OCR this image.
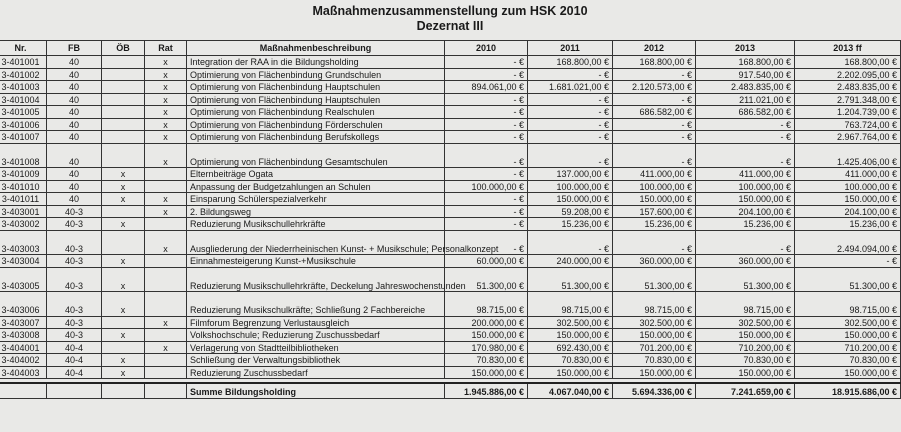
Maßnahmenzusammenstellung zum HSK 2010
Dezernat III
Nr.	FB	ÖB	Rat	Maßnahmenbeschreibung	2010	2011	2012	2013	2013 ff
3-401001	40		x	Integration der RAA in die Bildungsholding	- €	168.800,00 €	168.800,00 €	168.800,00 €	168.800,00 €
3-401002	40		x	Optimierung von Flächenbindung Grundschulen	- €	- €	- €	917.540,00 €	2.202.095,00 €
3-401003	40		x	Optimierung von Flächenbindung Hauptschulen	894.061,00 €	1.681.021,00 €	2.120.573,00 €	2.483.835,00 €	2.483.835,00 €
3-401004	40		x	Optimierung von Flächenbindung Hauptschulen	- €	- €	- €	211.021,00 €	2.791.348,00 €
3-401005	40		x	Optimierung von Flächenbindung Realschulen	- €	- €	686.582,00 €	686.582,00 €	1.204.739,00 €
3-401006	40		x	Optimierung von Flächenbindung Förderschulen	- €	- €	- €	- €	763.724,00 €
3-401007	40		x	Optimierung von Flächenbindung Berufskollegs	- €	- €	- €	- €	2.967.764,00 €
3-401008	40		x	Optimierung von Flächenbindung Gesamtschulen	- €	- €	- €	- €	1.425.406,00 €
3-401009	40	x		Elternbeiträge Ogata	- €	137.000,00 €	411.000,00 €	411.000,00 €	411.000,00 €
3-401010	40	x		Anpassung der Budgetzahlungen an Schulen	100.000,00 €	100.000,00 €	100.000,00 €	100.000,00 €	100.000,00 €
3-401011	40	x	x	Einsparung Schülerspezialverkehr	- €	150.000,00 €	150.000,00 €	150.000,00 €	150.000,00 €
3-403001	40-3		x	2. Bildungsweg	- €	59.208,00 €	157.600,00 €	204.100,00 €	204.100,00 €
3-403002	40-3	x		Reduzierung Musikschullehrkräfte	- €	15.236,00 €	15.236,00 €	15.236,00 €	15.236,00 €
3-403003	40-3		x	Ausgliederung der Niederrheinischen Kunst- + Musikschule; Personalkonzept	- €	- €	- €	- €	2.494.094,00 €
3-403004	40-3	x		Einnahmesteigerung Kunst-+Musikschule	60.000,00 €	240.000,00 €	360.000,00 €	360.000,00 €	- €
3-403005	40-3	x		Reduzierung Musikschullehrkräfte, Deckelung Jahreswochenstunden	51.300,00 €	51.300,00 €	51.300,00 €	51.300,00 €	51.300,00 €
3-403006	40-3	x		Reduzierung Musikschulkräfte; Schließung 2 Fachbereiche	98.715,00 €	98.715,00 €	98.715,00 €	98.715,00 €	98.715,00 €
3-403007	40-3		x	Filmforum Begrenzung Verlustausgleich	200.000,00 €	302.500,00 €	302.500,00 €	302.500,00 €	302.500,00 €
3-403008	40-3	x		Volkshochschule; Reduzierung Zuschussbedarf	150.000,00 €	150.000,00 €	150.000,00 €	150.000,00 €	150.000,00 €
3-404001	40-4		x	Verlagerung von Stadtteilbibliotheken	170.980,00 €	692.430,00 €	701.200,00 €	710.200,00 €	710.200,00 €
3-404002	40-4	x		Schließung der Verwaltungsbibliothek	70.830,00 €	70.830,00 €	70.830,00 €	70.830,00 €	70.830,00 €
3-404003	40-4	x		Reduzierung Zuschussbedarf	150.000,00 €	150.000,00 €	150.000,00 €	150.000,00 €	150.000,00 €

				Summe Bildungsholding	1.945.886,00 €	4.067.040,00 €	5.694.336,00 €	7.241.659,00 €	18.915.686,00 €
